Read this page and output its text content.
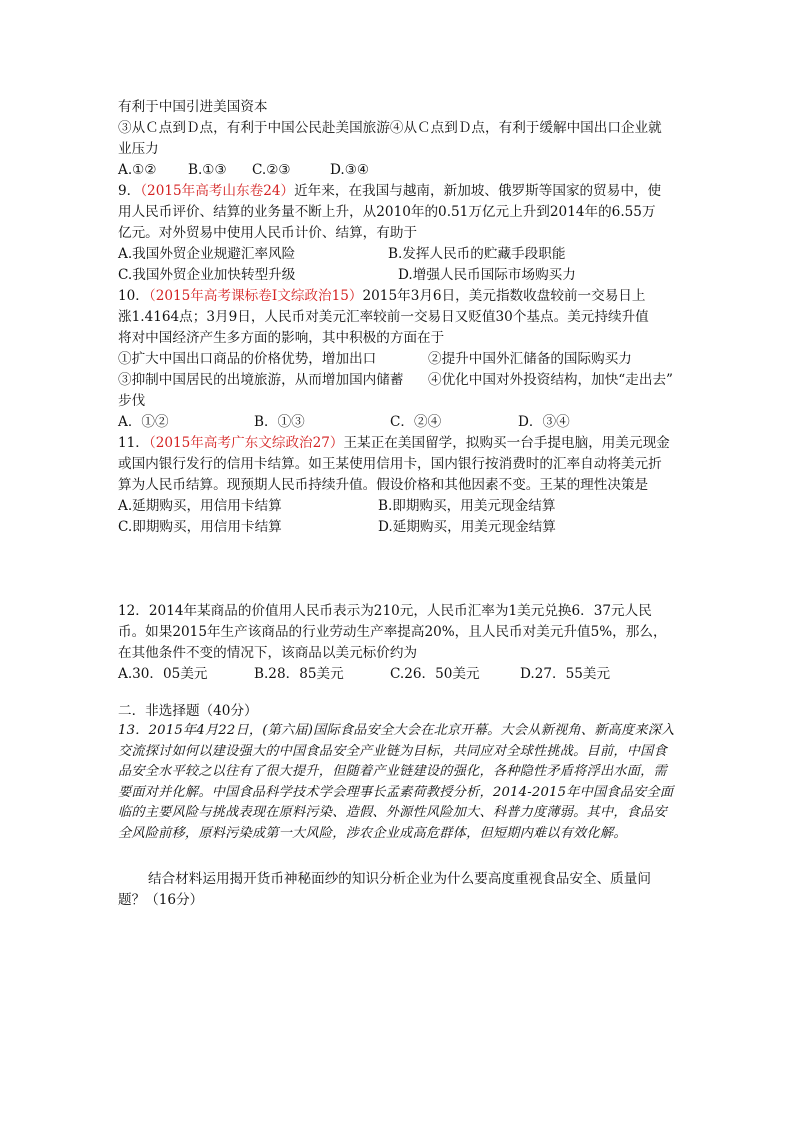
有利于中国引进美国资本
③从Ｃ点到Ｄ点，有利于中国公民赴美国旅游④从Ｃ点到Ｄ点，有利于缓解中国出口企业就
业压力
A.①② B.①③ C.②③	D.③④
9．（2015年高考山东卷24）近年来，在我国与越南，新加坡、俄罗斯等国家的贸易中，使
用人民币评价、结算的业务量不断上升，从2010年的0.51万亿元上升到2014年的6.55万
亿元。对外贸易中使用人民币计价、结算，有助于
A.我国外贸企业规避汇率风险	B.发挥人民币的贮藏手段职能
C.我国外贸企业加快转型升级	D.增强人民币国际市场购买力
10．（2015年高考课标卷Ⅰ文综政治15）2015年3月6日，美元指数收盘较前一交易日上
涨1.4164点；3月9日，人民币对美元汇率较前一交易日又贬值30个基点。美元持续升值
将对中国经济产生多方面的影响，其中积极的方面在于
①扩大中国出口商品的价格优势，增加出口	②提升中国外汇储备的国际购买力
③抑制中国居民的出境旅游，从而增加国内储蓄 ④优化中国对外投资结构，加快“走出去”
步伐
A．①②	B．①③	C．②④	D．③④
11．（2015年高考广东文综政治27）王某正在美国留学，拟购买一台手提电脑，用美元现金
或国内银行发行的信用卡结算。如王某使用信用卡，国内银行按消费时的汇率自动将美元折
算为人民币结算。现预期人民币持续升值。假设价格和其他因素不变。王某的理性决策是
A.延期购买，用信用卡结算	B.即期购买，用美元现金结算
C.即期购买，用信用卡结算	D.延期购买，用美元现金结算
12．2014年某商品的价值用人民币表示为210元，人民币汇率为1美元兑换6．37元人民
币。如果2015年生产该商品的行业劳动生产率提高20%，且人民币对美元升值5%，那么，
在其他条件不变的情况下，该商品以美元标价约为
A.30．05美元	B.28．85美元	C.26．50美元	D.27．55美元
二．非选择题（40分）

13．2015年4月22日，(第六届)国际食品安全大会在北京开幕。大会从新视角、新高度来深入交流探讨如何以建设强大的中国食品安全产业链为目标，共同应对全球性挑战。目前，中国食品安全水平较之以往有了很大提升，但随着产业链建设的强化，各种隐性矛盾将浮出水面，需要面对并化解。中国食品科学技术学会理事长孟素荷教授分析，2014-2015年中国食品安全面临的主要风险与挑战表现在原料污染、造假、外源性风险加大、科普力度薄弱。其中，食品安全风险前移，原料污染成第一大风险，涉农企业成高危群体，但短期内难以有效化解。

结合材料运用揭开货币神秘面纱的知识分析企业为什么要高度重视食品安全、质量问
题？（16分）
